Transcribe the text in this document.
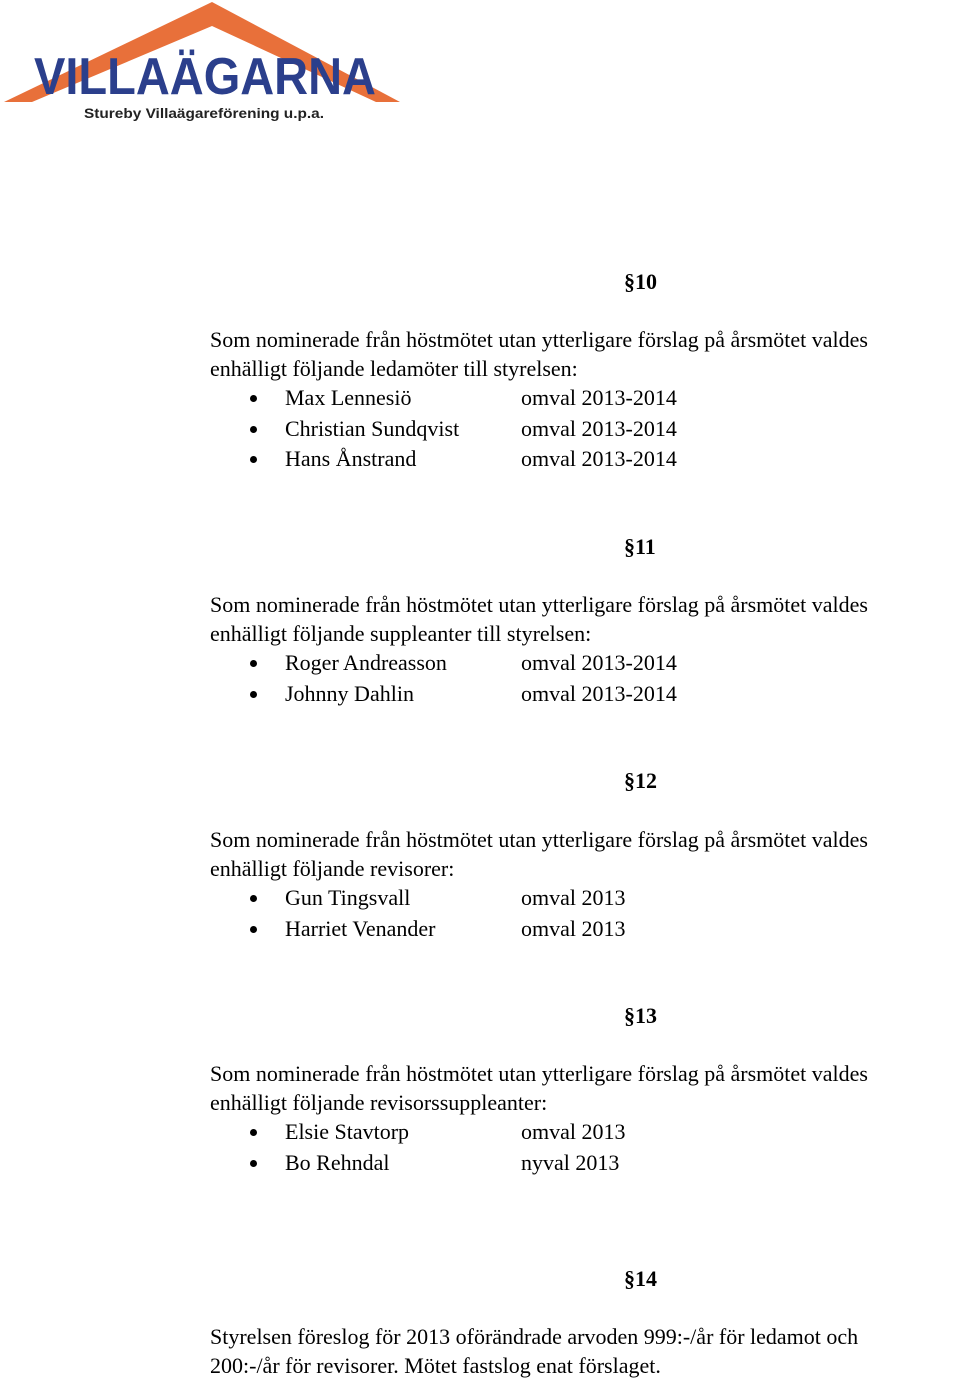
VILLAÄGARNA
Stureby Villaägareförening u.p.a.
§10

Som nominerade från höstmötet utan ytterligare förslag på årsmötet valdes

enhälligt följande ledamöter till styrelsen:

Max Lennesiö	omval 2013-2014
Christian Sundqvist	omval 2013-2014
Hans Ånstrand	omval 2013-2014
§11

Som nominerade från höstmötet utan ytterligare förslag på årsmötet valdes

enhälligt följande suppleanter till styrelsen:

Roger Andreasson	omval 2013-2014
Johnny Dahlin	omval 2013-2014
§12

Som nominerade från höstmötet utan ytterligare förslag på årsmötet valdes

enhälligt följande revisorer:

Gun Tingsvall	omval 2013
Harriet Venander	omval 2013
§13

Som nominerade från höstmötet utan ytterligare förslag på årsmötet valdes

enhälligt följande revisorssuppleanter:

Elsie Stavtorp	omval 2013
Bo Rehndal	nyval 2013
§14

Styrelsen föreslog för 2013 oförändrade arvoden 999:-/år för ledamot och

200:-/år för revisorer. Mötet fastslog enat förslaget.
